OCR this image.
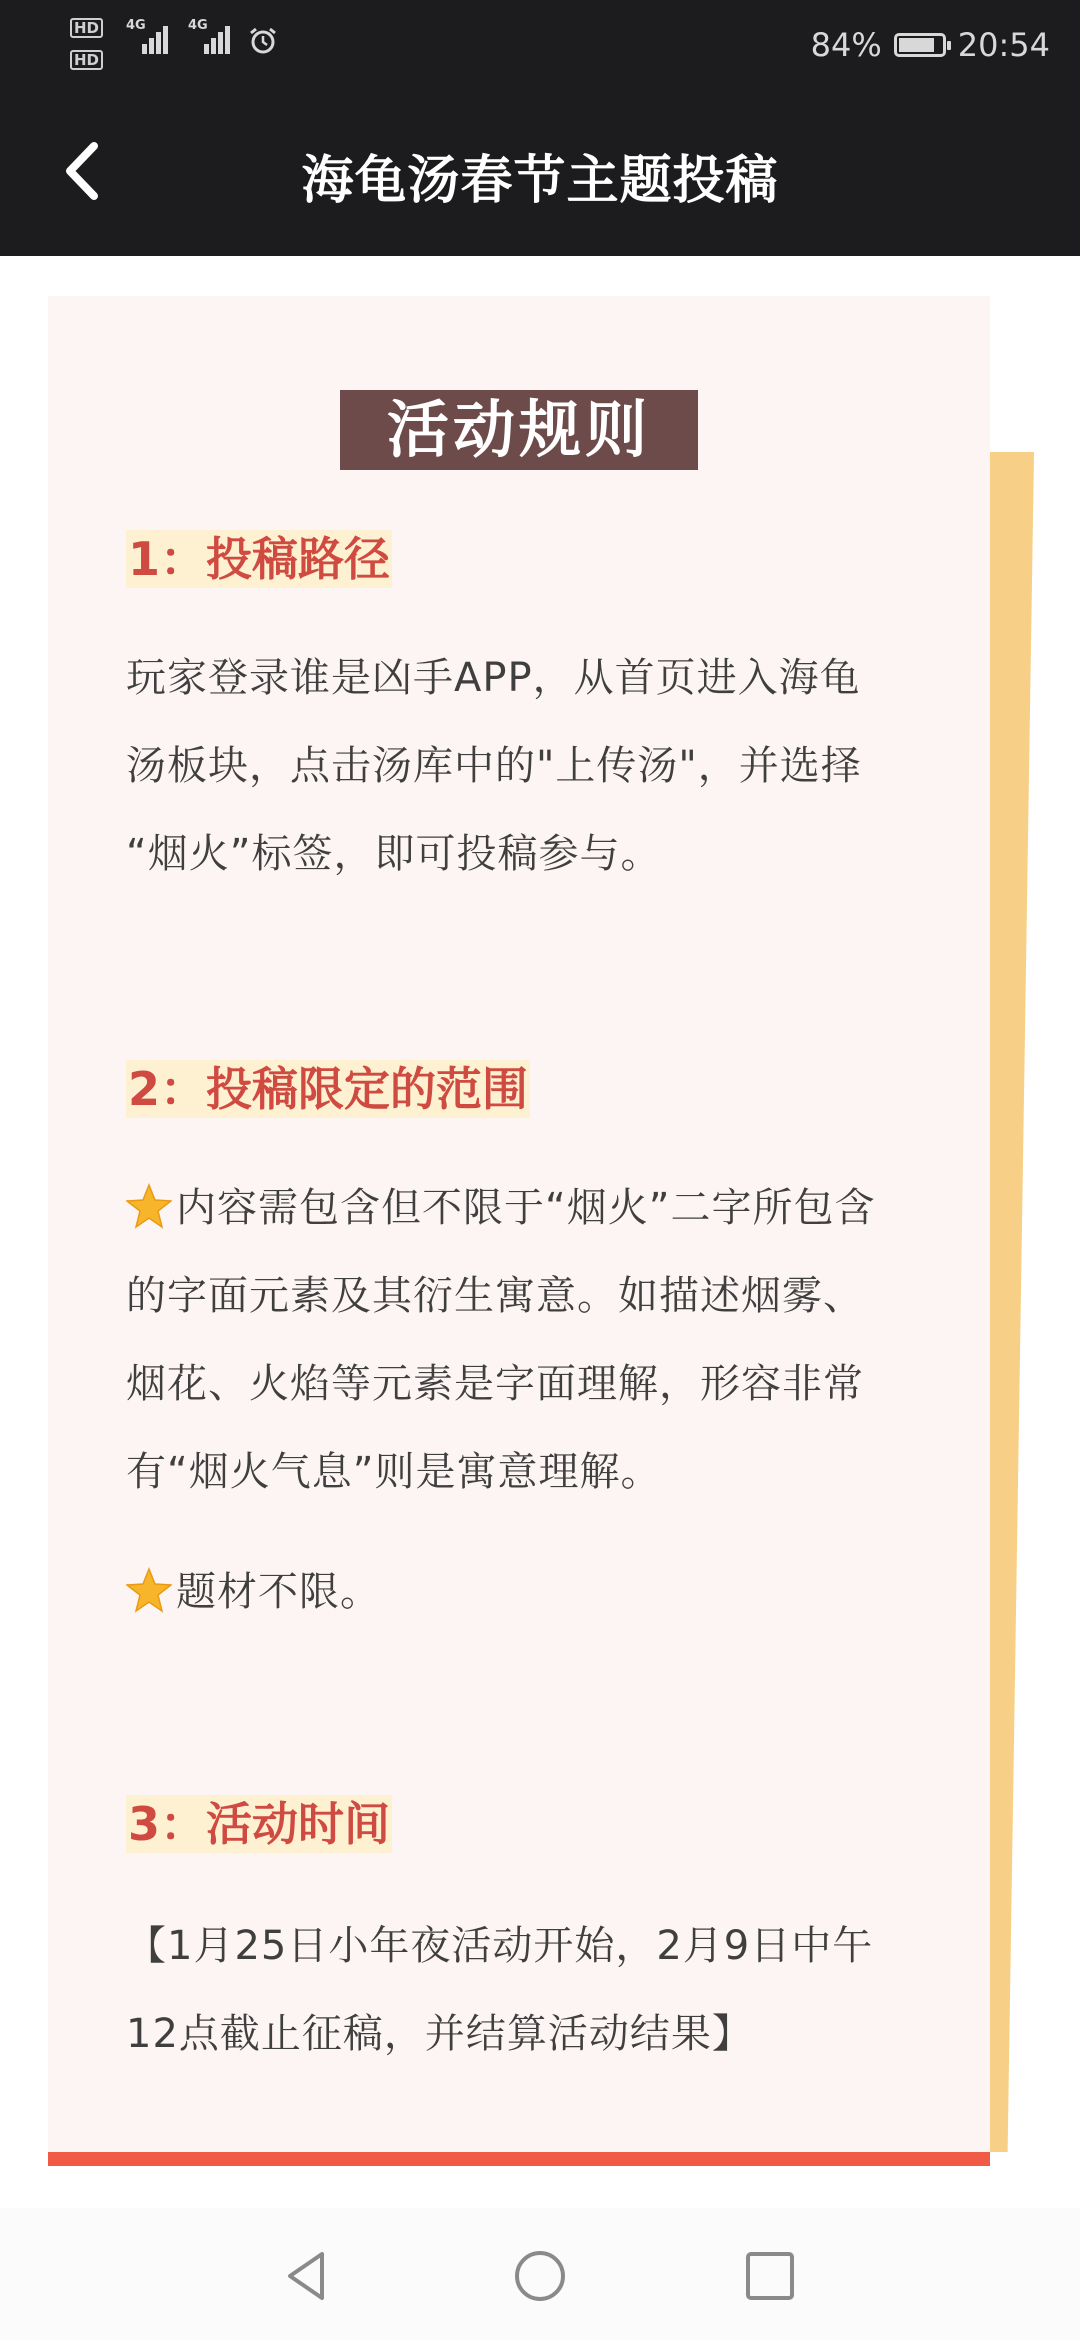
HD
HD
4G	4G
84% 20:54
海龟汤春节主题投稿
活动规则
1：投稿路径
玩家登录谁是凶手APP，从首页进入海龟
汤板块，点击汤库中的"上传汤"，并选择
“烟火”标签，即可投稿参与。
2：投稿限定的范围
内容需包含但不限于“烟火”二字所包含
的字面元素及其衍生寓意。如描述烟雾、
烟花、火焰等元素是字面理解，形容非常
有“烟火气息”则是寓意理解。
题材不限。
3：活动时间
【1月25日小年夜活动开始，2月9日中午
12点截止征稿，并结算活动结果】
